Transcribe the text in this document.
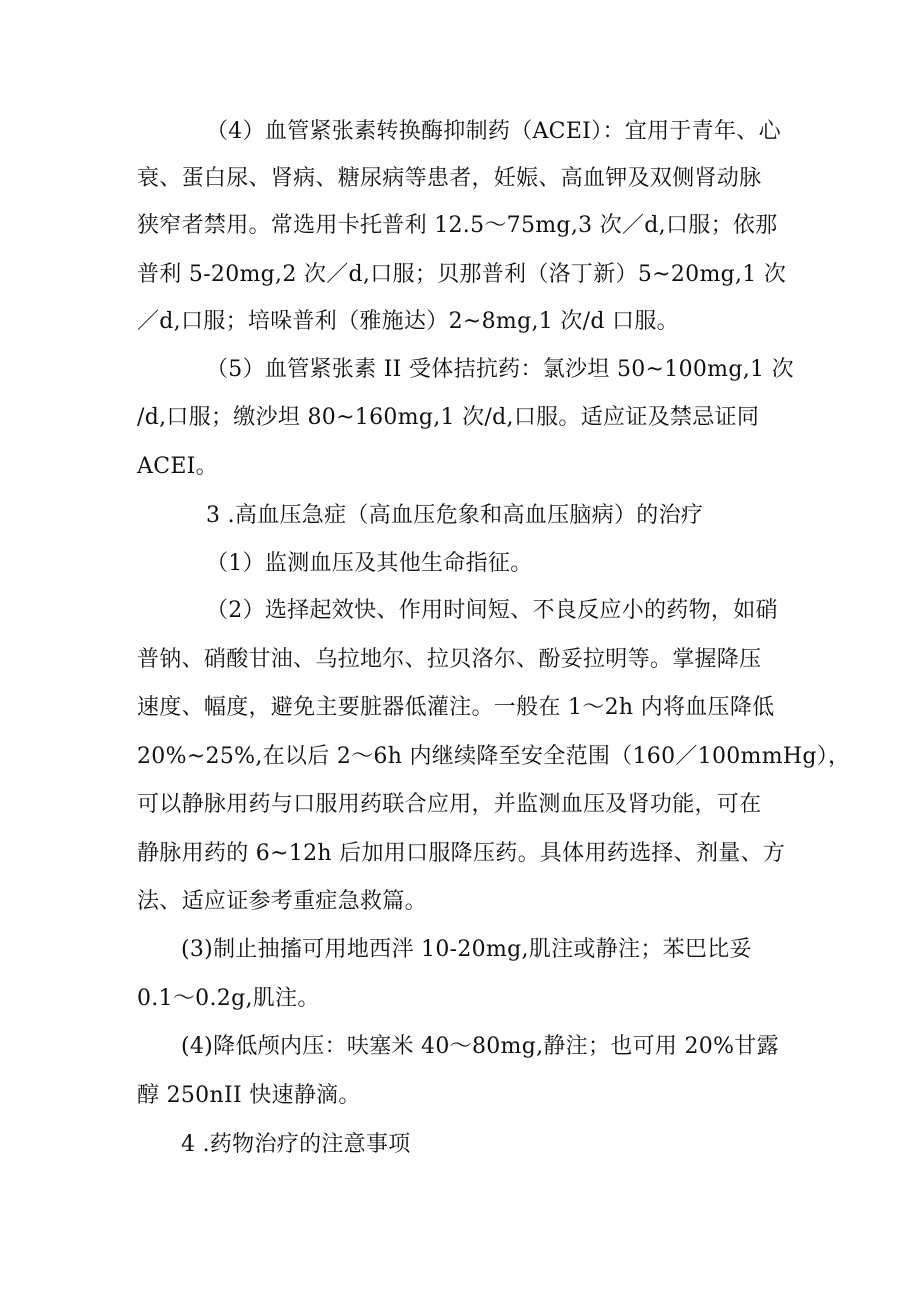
（4）血管紧张素转换酶抑制药（ACEI）：宜用于青年、心
衰、蛋白尿、肾病、糖尿病等患者，妊娠、高血钾及双侧肾动脉
狭窄者禁用。常选用卡托普利 12.5～75mg,3 次／d,口服；依那
普利 5-20mg,2 次／d,口服；贝那普利（洛丁新）5~20mg,1 次
／d,口服；培哚普利（雅施达）2~8mg,1 次/d 口服。
（5）血管紧张素 II 受体拮抗药：氯沙坦 50~100mg,1 次
/d,口服；缴沙坦 80~160mg,1 次/d,口服。适应证及禁忌证同
ACEI。
3 .高血压急症（高血压危象和高血压脑病）的治疗
（1）监测血压及其他生命指征。
（2）选择起效快、作用时间短、不良反应小的药物，如硝
普钠、硝酸甘油、乌拉地尔、拉贝洛尔、酚妥拉明等。掌握降压
速度、幅度，避免主要脏器低灌注。一般在 1～2h 内将血压降低
20%~25%,在以后 2～6h 内继续降至安全范围（160／100mmHg），
可以静脉用药与口服用药联合应用，并监测血压及肾功能，可在
静脉用药的 6~12h 后加用口服降压药。具体用药选择、剂量、方
法、适应证参考重症急救篇。
(3)制止抽搐可用地西泮 10-20mg,肌注或静注；苯巴比妥
0.1～0.2g,肌注。
(4)降低颅内压：呋塞米 40～80mg,静注；也可用 20%甘露
醇 250nII 快速静滴。
4 .药物治疗的注意事项
